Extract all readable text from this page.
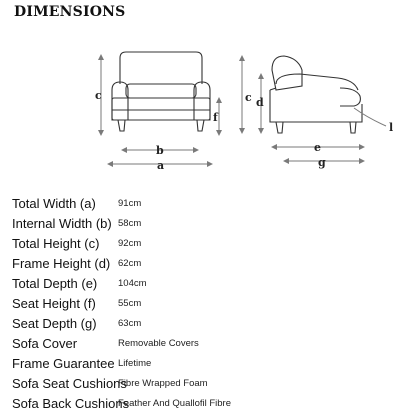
DIMENSIONS
c
f
b
a
c d
e
g
l
Total Width (a) 91cm
Internal Width (b) 58cm
Total Height (c) 92cm
Frame Height (d) 62cm
Total Depth (e) 104cm
Seat Height (f) 55cm
Seat Depth (g) 63cm
Sofa Cover	Removable Covers
Frame Guarantee Lifetime
Sofa Seat Cushions
Fibre Wrapped Foam
Sofa Back Cushions
Feather And Quallofil Fibre
